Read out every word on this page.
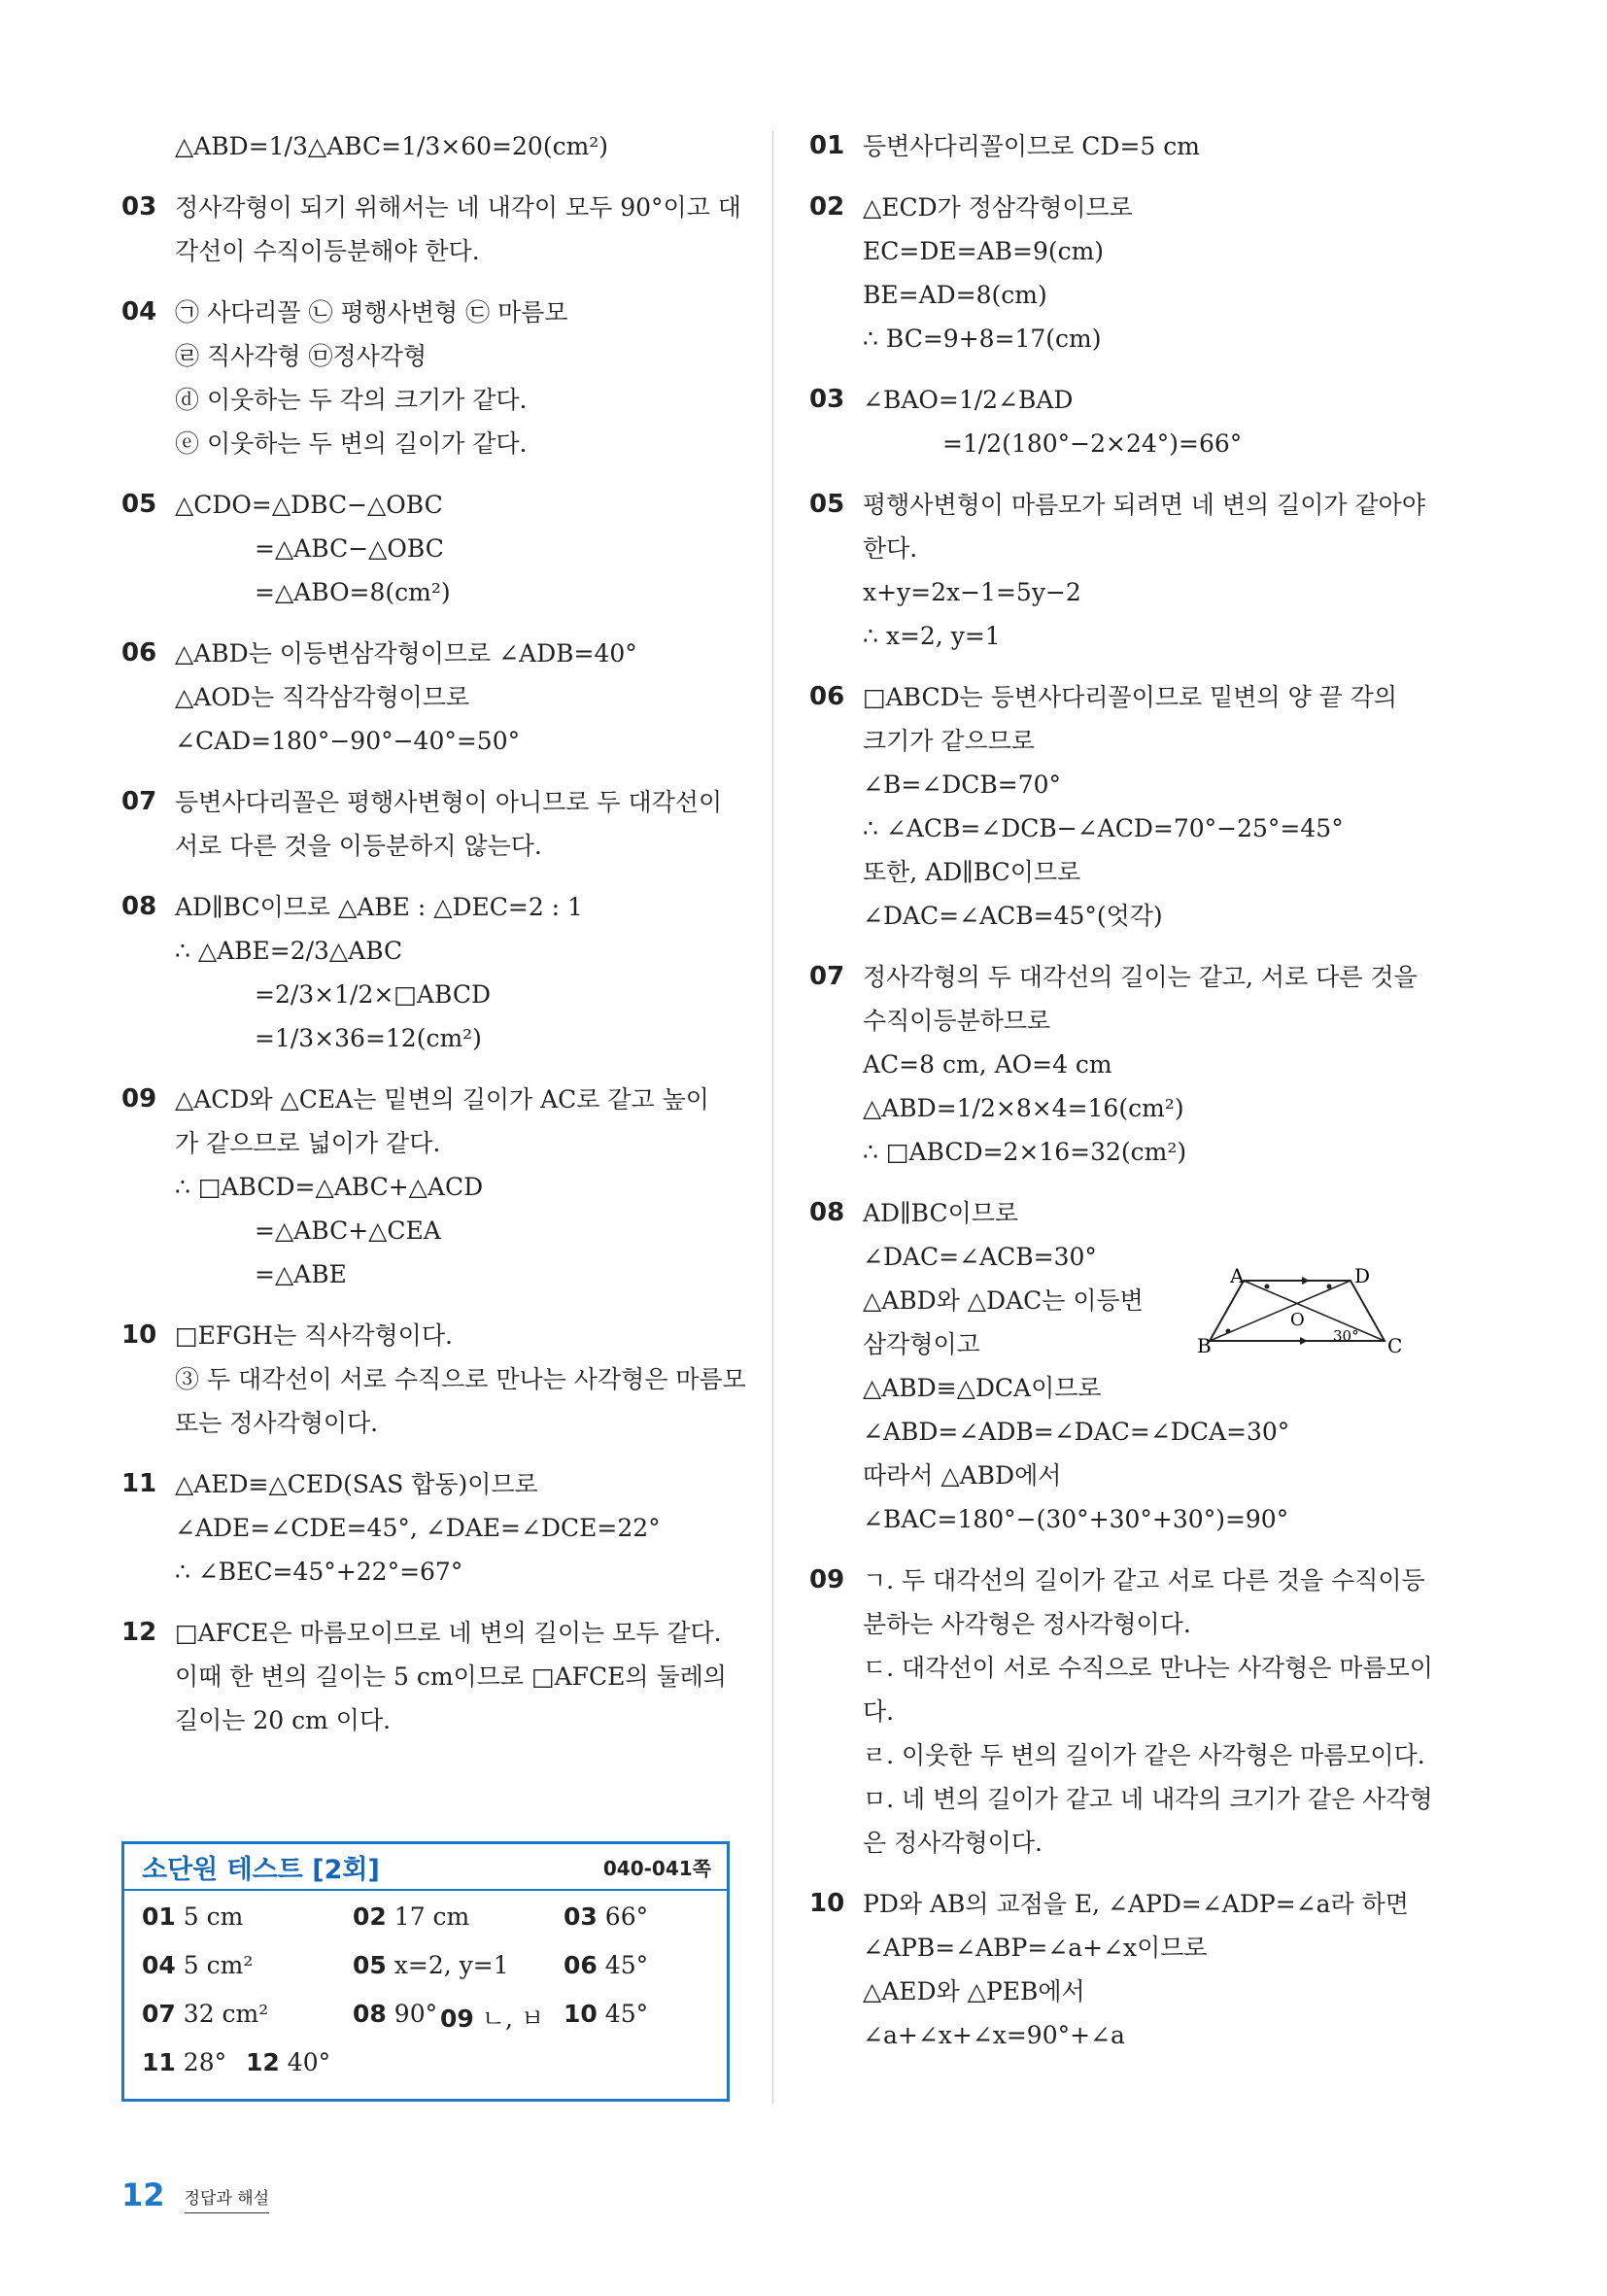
△ABD=1/3△ABC=1/3×60=20(cm²)
03 정사각형이 되기 위해서는 네 내각이 모두 90°이고 대
각선이 수직이등분해야 한다.
04 ㉠ 사다리꼴 ㉡ 평행사변형 ㉢ 마름모
㉣ 직사각형 ㉤정사각형
ⓓ 이웃하는 두 각의 크기가 같다.
ⓔ 이웃하는 두 변의 길이가 같다.
05 △CDO=△DBC−△OBC
=△ABC−△OBC
=△ABO=8(cm²)
06 △ABD는 이등변삼각형이므로 ∠ADB=40°
△AOD는 직각삼각형이므로
∠CAD=180°−90°−40°=50°
07 등변사다리꼴은 평행사변형이 아니므로 두 대각선이
서로 다른 것을 이등분하지 않는다.
08 AD∥BC이므로 △ABE : △DEC=2 : 1
∴ △ABE=2/3△ABC
=2/3×1/2×□ABCD
=1/3×36=12(cm²)
09 △ACD와 △CEA는 밑변의 길이가 AC로 같고 높이
가 같으므로 넓이가 같다.
∴ □ABCD=△ABC+△ACD
=△ABC+△CEA
=△ABE
10 □EFGH는 직사각형이다.
③ 두 대각선이 서로 수직으로 만나는 사각형은 마름모
또는 정사각형이다.
11 △AED≡△CED(SAS 합동)이므로
∠ADE=∠CDE=45°, ∠DAE=∠DCE=22°
∴ ∠BEC=45°+22°=67°
12 □AFCE은 마름모이므로 네 변의 길이는 모두 같다.
이때 한 변의 길이는 5 cm이므로 □AFCE의 둘레의
길이는 20 cm 이다.
01 등변사다리꼴이므로 CD=5 cm
02 △ECD가 정삼각형이므로
EC=DE=AB=9(cm)
BE=AD=8(cm)
∴ BC=9+8=17(cm)
03 ∠BAO=1/2∠BAD
=1/2(180°−2×24°)=66°
05 평행사변형이 마름모가 되려면 네 변의 길이가 같아야
한다.
x+y=2x−1=5y−2
∴ x=2, y=1
06 □ABCD는 등변사다리꼴이므로 밑변의 양 끝 각의
크기가 같으므로
∠B=∠DCB=70°
∴ ∠ACB=∠DCB−∠ACD=70°−25°=45°
또한, AD∥BC이므로
∠DAC=∠ACB=45°(엇각)
07 정사각형의 두 대각선의 길이는 같고, 서로 다른 것을
수직이등분하므로
AC=8 cm, AO=4 cm
△ABD=1/2×8×4=16(cm²)
∴ □ABCD=2×16=32(cm²)
08 AD∥BC이므로
∠DAC=∠ACB=30°
△ABD와 △DAC는 이등변
삼각형이고
△ABD≡△DCA이므로
∠ABD=∠ADB=∠DAC=∠DCA=30°
따라서 △ABD에서
∠BAC=180°−(30°+30°+30°)=90°
09 ㄱ. 두 대각선의 길이가 같고 서로 다른 것을 수직이등
분하는 사각형은 정사각형이다.
ㄷ. 대각선이 서로 수직으로 만나는 사각형은 마름모이
다.
ㄹ. 이웃한 두 변의 길이가 같은 사각형은 마름모이다.
ㅁ. 네 변의 길이가 같고 네 내각의 크기가 같은 사각형
은 정사각형이다.
10 PD와 AB의 교점을 E, ∠APD=∠ADP=∠a라 하면
∠APB=∠ABP=∠a+∠x이므로
△AED와 △PEB에서
∠a+∠x+∠x=90°+∠a
소단원 테스트 [2회]	040-041쪽
01 5 cm	02 17 cm	03 66°
04 5 cm²	05 x=2, y=1 06 45°
07 32 cm²	08 90° 09 ㄴ, ㅂ 10 45°
11 28° 12 40°
A	D
O
B	C
30°
12 정답과 해설
